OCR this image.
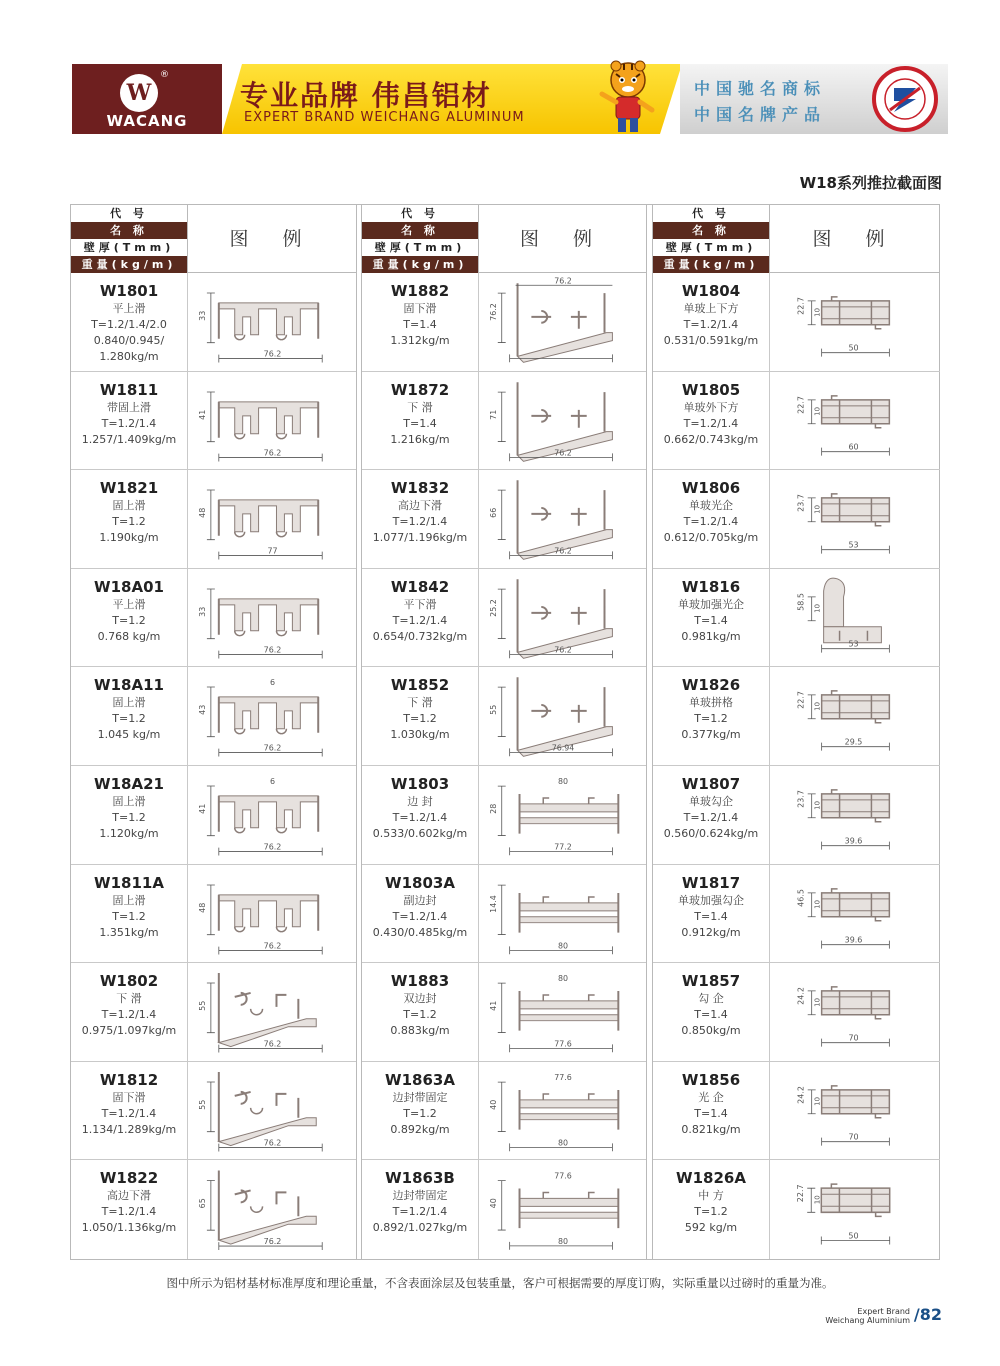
W
®
WACANG
专业品牌 伟昌铝材
EXPERT BRAND WEICHANG ALUMINUM
中国驰名商标
中国名牌产品
W18系列推拉截面图
代 号
名 称
壁厚(Tmm)
重量(kg/m)
图 例
W1801
平上滑
T=1.2/1.4/2.0
0.840/0.945/
1.280kg/m
33
76.2
W1811
带固上滑
T=1.2/1.4
1.257/1.409kg/m
41
76.2
W1821
固上滑
T=1.2
1.190kg/m
48
77
W18A01
平上滑
T=1.2
0.768 kg/m
33
76.2
W18A11
固上滑
T=1.2
1.045 kg/m
43
76.2
6
W18A21
固上滑
T=1.2
1.120kg/m
41
76.2
6
W1811A
固上滑
T=1.2
1.351kg/m
48
76.2
W1802
下 滑
T=1.2/1.4
0.975/1.097kg/m
55
76.2
W1812
固下滑
T=1.2/1.4
1.134/1.289kg/m
55
76.2
W1822
高边下滑
T=1.2/1.4
1.050/1.136kg/m
65
76.2
代 号
名 称
壁厚(Tmm)
重量(kg/m)
图 例
W1882
固下滑
T=1.4
1.312kg/m
76.2
76.2
W1872
下 滑
T=1.4
1.216kg/m
71
76.2
W1832
高边下滑
T=1.2/1.4
1.077/1.196kg/m
66
76.2
W1842
平下滑
T=1.2/1.4
0.654/0.732kg/m
25.2
76.2
W1852
下 滑
T=1.2
1.030kg/m
55
76.94
W1803
边 封
T=1.2/1.4
0.533/0.602kg/m
28
77.2
80
W1803A
副边封
T=1.2/1.4
0.430/0.485kg/m
14.4
80
W1883
双边封
T=1.2
0.883kg/m
41
77.6
80
W1863A
边封带固定
T=1.2
0.892kg/m
40
80
77.6
W1863B
边封带固定
T=1.2/1.4
0.892/1.027kg/m
40
80
77.6
代 号
名 称
壁厚(Tmm)
重量(kg/m)
图 例
W1804
单玻上下方
T=1.2/1.4
0.531/0.591kg/m
22.7 10
50
W1805
单玻外下方
T=1.2/1.4
0.662/0.743kg/m
22.7 10
60
W1806
单玻光企
T=1.2/1.4
0.612/0.705kg/m
23.7 10
53
W1816
单玻加强光企
T=1.4
0.981kg/m
58.5 10
53
W1826
单玻拼格
T=1.2
0.377kg/m
22.7 10
29.5
W1807
单玻勾企
T=1.2/1.4
0.560/0.624kg/m
23.7 10
39.6
W1817
单玻加强勾企
T=1.4
0.912kg/m
46.5 10
39.6
W1857
勾 企
T=1.4
0.850kg/m
24.2 10
70
W1856
光 企
T=1.4
0.821kg/m
24.2 10
70
W1826A
中 方
T=1.2
592 kg/m
22.7 10
50
图中所示为铝材基材标准厚度和理论重量，不含表面涂层及包装重量，客户可根据需要的厚度订购，实际重量以过磅时的重量为准。
Expert Brand
Weichang Aluminium /82
